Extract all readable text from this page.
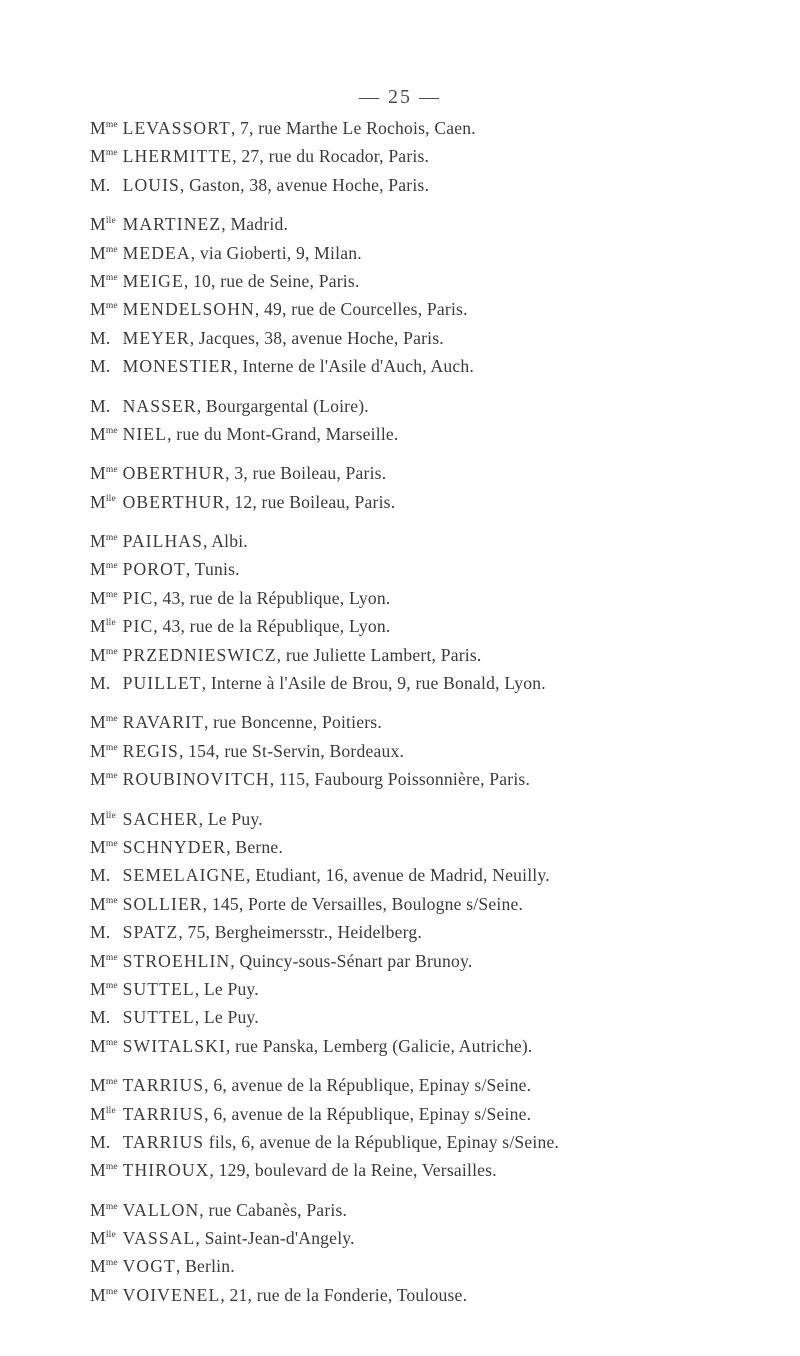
— 25 —
$M^{me}$ LEVASSORT, 7, rue Marthe Le Rochois, Caen.
$M^{me}$ LHERMITTE, 27, rue du Rocador, Paris.
M. LOUIS, Gaston, 38, avenue Hoche, Paris.
$M^{lle}$ MARTINEZ, Madrid.
$M^{me}$ MEDEA, via Gioberti, 9, Milan.
$M^{me}$ MEIGE, 10, rue de Seine, Paris.
$M^{me}$ MENDELSOHN, 49, rue de Courcelles, Paris.
M. MEYER, Jacques, 38, avenue Hoche, Paris.
M. MONESTIER, Interne de l'Asile d'Auch, Auch.
M. NASSER, Bourgargental (Loire).
$M^{me}$ NIEL, rue du Mont-Grand, Marseille.
$M^{me}$ OBERTHUR, 3, rue Boileau, Paris.
$M^{lle}$ OBERTHUR, 12, rue Boileau, Paris.
$M^{me}$ PAILHAS, Albi.
$M^{me}$ POROT, Tunis.
$M^{me}$ PIC, 43, rue de la République, Lyon.
$M^{lle}$ PIC, 43, rue de la République, Lyon.
$M^{me}$ PRZEDNIESWICZ, rue Juliette Lambert, Paris.
M. PUILLET, Interne à l'Asile de Brou, 9, rue Bonald, Lyon.
$M^{me}$ RAVARIT, rue Boncenne, Poitiers.
$M^{me}$ REGIS, 154, rue St-Servin, Bordeaux.
$M^{me}$ ROUBINOVITCH, 115, Faubourg Poissonnière, Paris.
$M^{lle}$ SACHER, Le Puy.
$M^{me}$ SCHNYDER, Berne.
M. SEMELAIGNE, Etudiant, 16, avenue de Madrid, Neuilly.
$M^{me}$ SOLLIER, 145, Porte de Versailles, Boulogne s/Seine.
M. SPATZ, 75, Bergheimersstr., Heidelberg.
$M^{me}$ STROEHLIN, Quincy-sous-Sénart par Brunoy.
$M^{me}$ SUTTEL, Le Puy.
M. SUTTEL, Le Puy.
$M^{me}$ SWITALSKI, rue Panska, Lemberg (Galicie, Autriche).
$M^{me}$ TARRIUS, 6, avenue de la République, Epinay s/Seine.
$M^{lle}$ TARRIUS, 6, avenue de la République, Epinay s/Seine.
M. TARRIUS fils, 6, avenue de la République, Epinay s/Seine.
$M^{me}$ THIROUX, 129, boulevard de la Reine, Versailles.
$M^{me}$ VALLON, rue Cabanès, Paris.
$M^{lle}$ VASSAL, Saint-Jean-d'Angely.
$M^{me}$ VOGT, Berlin.
$M^{me}$ VOIVENEL, 21, rue de la Fonderie, Toulouse.
